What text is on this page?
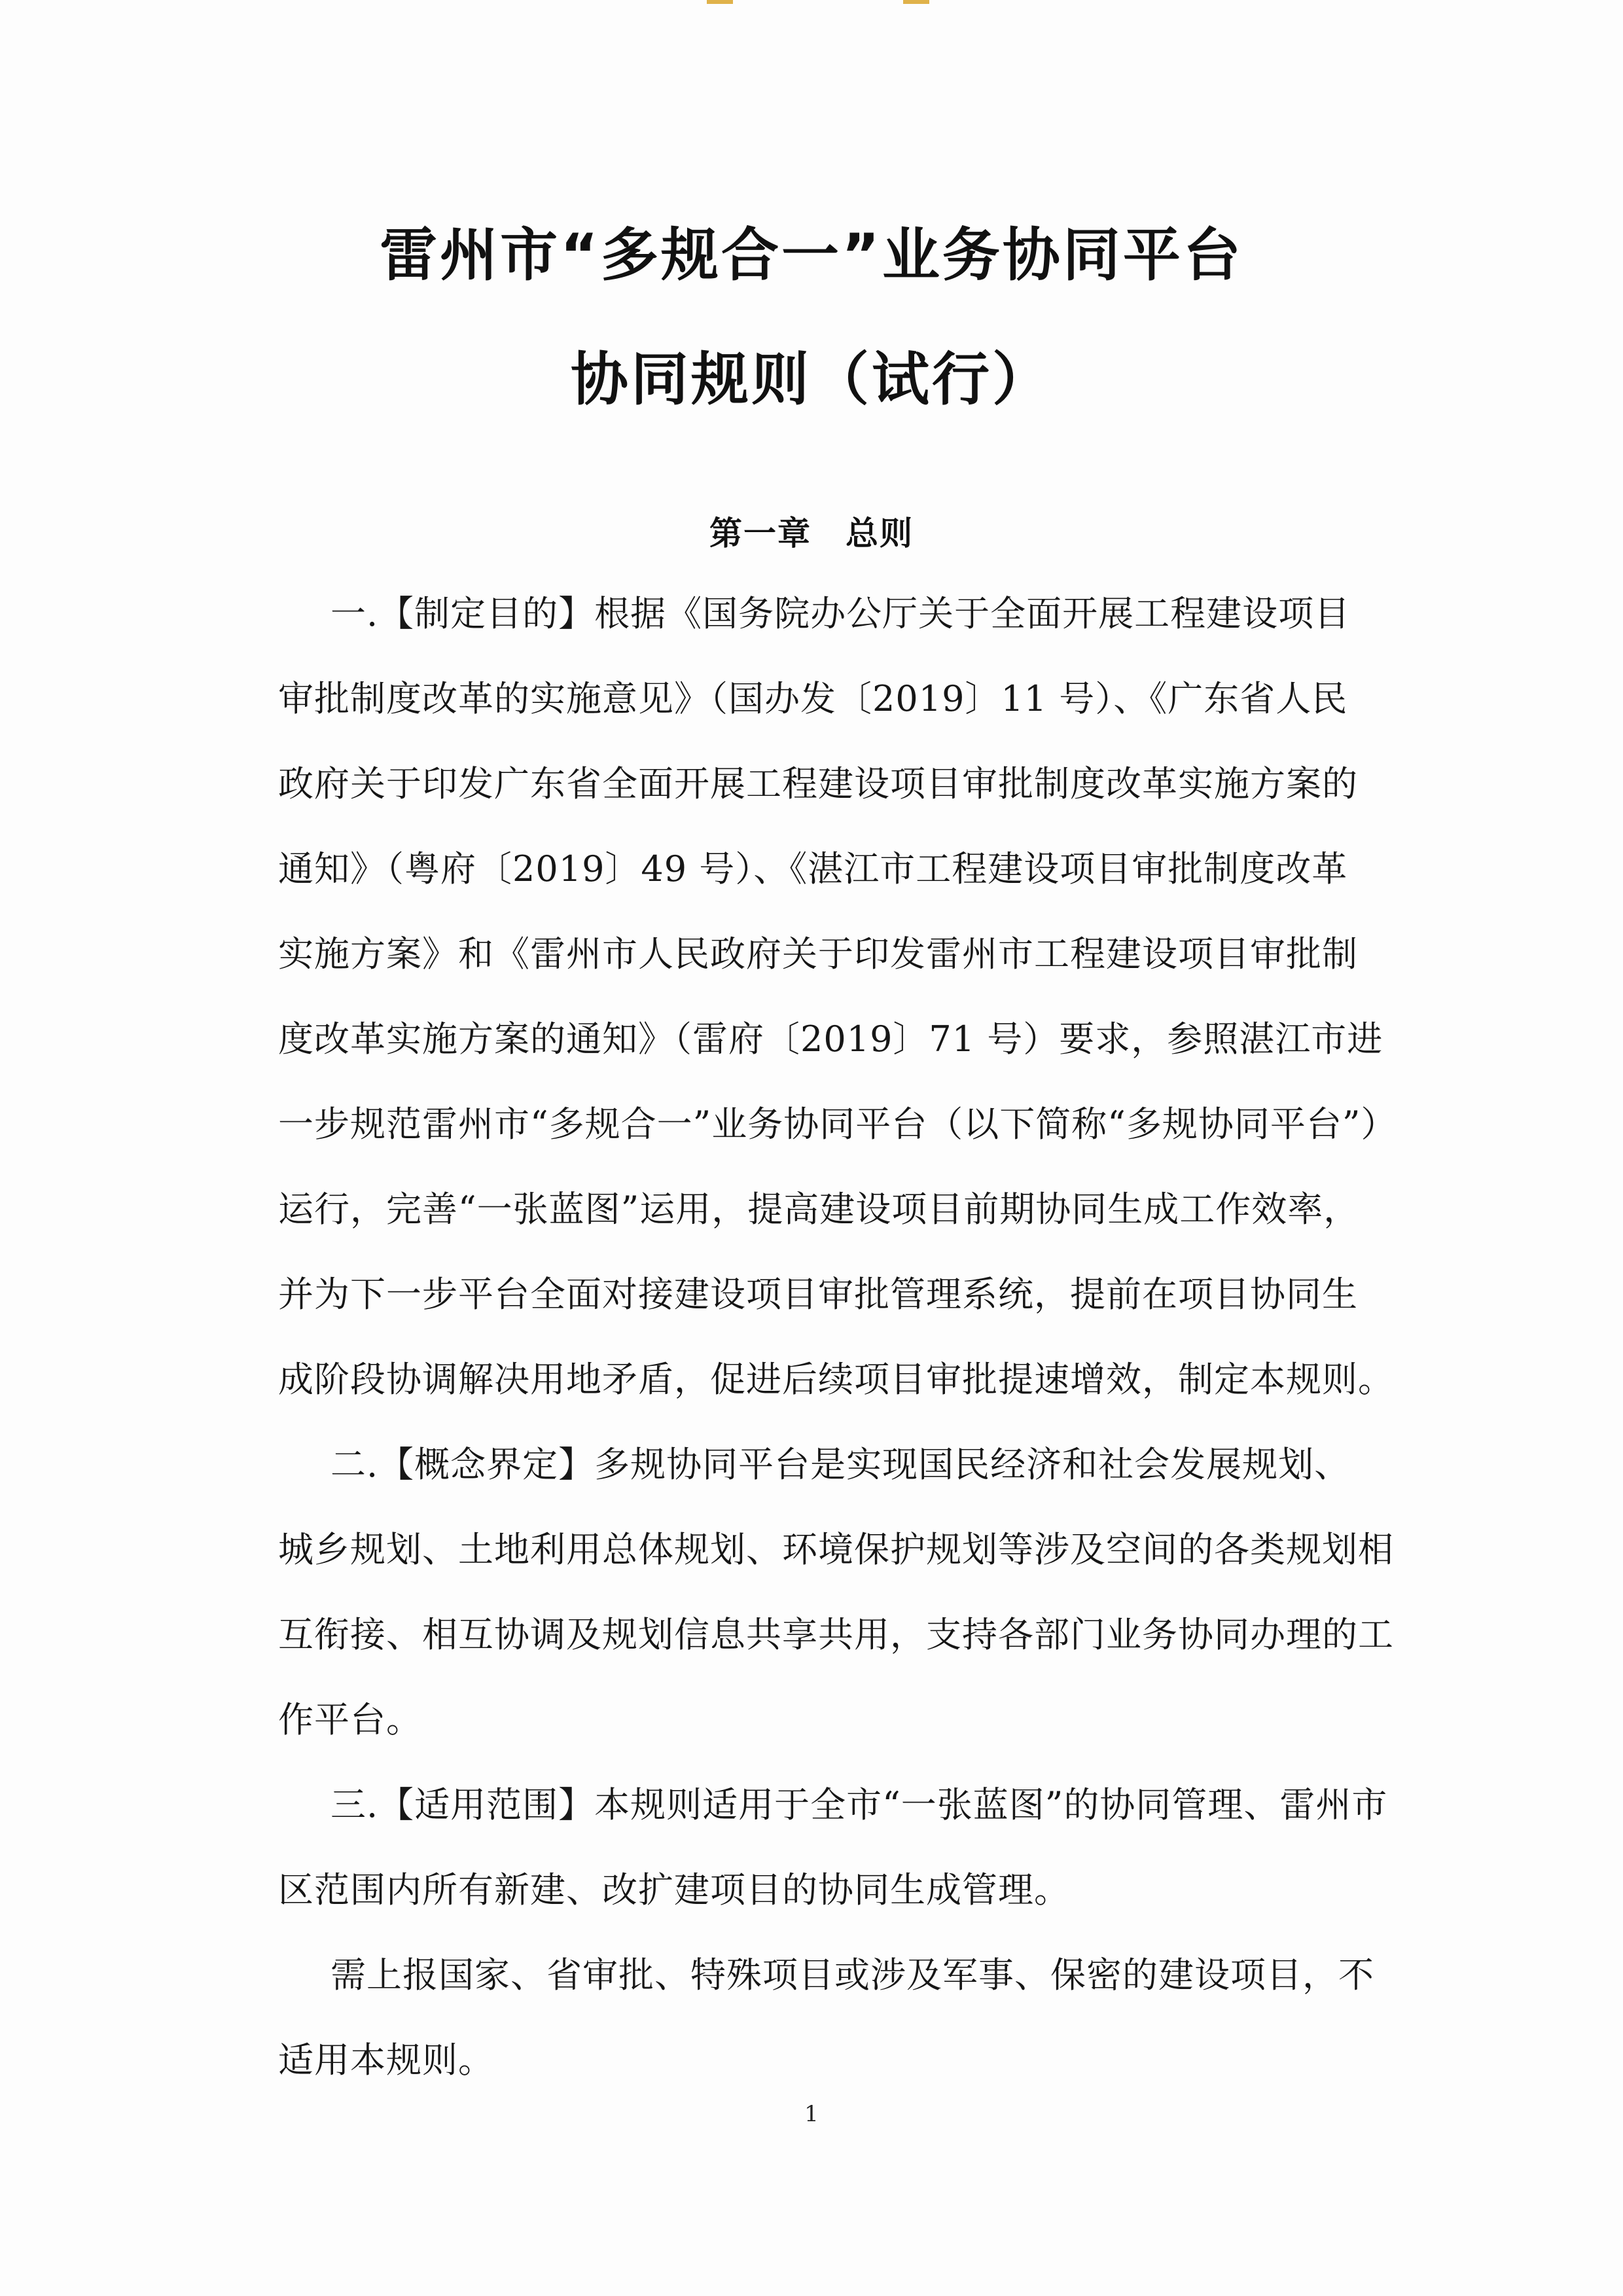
雷州市“多规合一”业务协同平台
协同规则（试行）
第一章　总则
一.【制定目的】根据《国务院办公厅关于全面开展工程建设项目
审批制度改革的实施意见》（国办发〔2019〕11 号）、《广东省人民
政府关于印发广东省全面开展工程建设项目审批制度改革实施方案的
通知》（粤府〔2019〕49 号）、《湛江市工程建设项目审批制度改革
实施方案》和《雷州市人民政府关于印发雷州市工程建设项目审批制
度改革实施方案的通知》（雷府〔2019〕71 号）要求，参照湛江市进
一步规范雷州市“多规合一”业务协同平台（以下简称“多规协同平台”）
运行，完善“一张蓝图”运用，提高建设项目前期协同生成工作效率，
并为下一步平台全面对接建设项目审批管理系统，提前在项目协同生
成阶段协调解决用地矛盾，促进后续项目审批提速增效，制定本规则。
二.【概念界定】多规协同平台是实现国民经济和社会发展规划、
城乡规划、土地利用总体规划、环境保护规划等涉及空间的各类规划相
互衔接、相互协调及规划信息共享共用，支持各部门业务协同办理的工
作平台。
三.【适用范围】本规则适用于全市“一张蓝图”的协同管理、雷州市
区范围内所有新建、改扩建项目的协同生成管理。
需上报国家、省审批、特殊项目或涉及军事、保密的建设项目，不
适用本规则。
1
